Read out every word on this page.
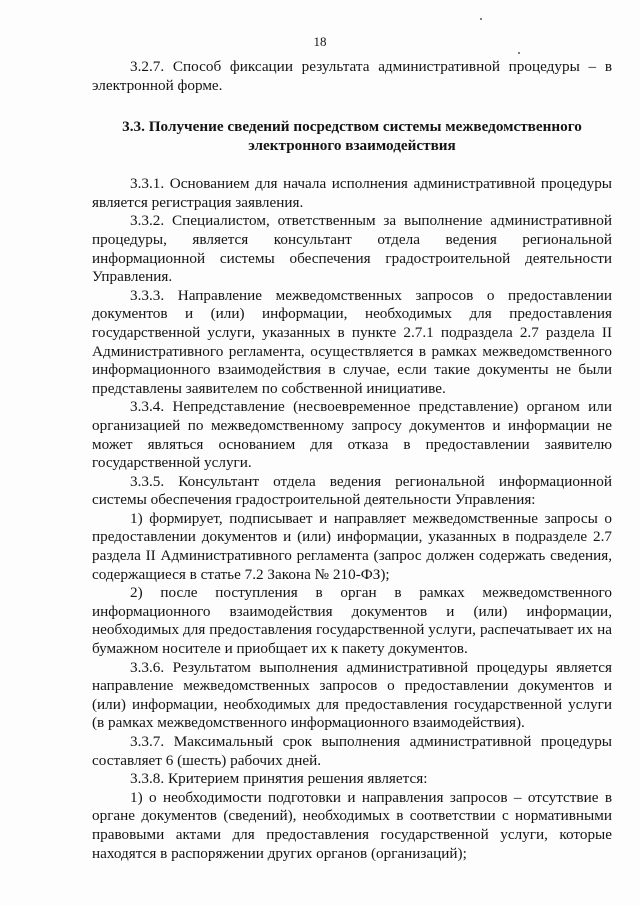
18

3.2.7. Способ фиксации результата административной процедуры – в электронной форме.

3.3. Получение сведений посредством системы межведомственного
электронного взаимодействия

3.3.1. Основанием для начала исполнения административной процедуры является регистрация заявления.

3.3.2. Специалистом, ответственным за выполнение административной процедуры, является консультант отдела ведения региональной информационной системы обеспечения градостроительной деятельности Управления.

3.3.3. Направление межведомственных запросов о предоставлении документов и (или) информации, необходимых для предоставления государственной услуги, указанных в пункте 2.7.1 подраздела 2.7 раздела II Административного регламента, осуществляется в рамках межведомственного информационного взаимодействия в случае, если такие документы не были представлены заявителем по собственной инициативе.

3.3.4. Непредставление (несвоевременное представление) органом или организацией по межведомственному запросу документов и информации не может являться основанием для отказа в предоставлении заявителю государственной услуги.

3.3.5. Консультант отдела ведения региональной информационной системы обеспечения градостроительной деятельности Управления:

1) формирует, подписывает и направляет межведомственные запросы о предоставлении документов и (или) информации, указанных в подразделе 2.7 раздела II Административного регламента (запрос должен содержать сведения, содержащиеся в статье 7.2 Закона № 210-ФЗ);

2) после поступления в орган в рамках межведомственного информационного взаимодействия документов и (или) информации, необходимых для предоставления государственной услуги, распечатывает их на бумажном носителе и приобщает их к пакету документов.

3.3.6. Результатом выполнения административной процедуры является направление межведомственных запросов о предоставлении документов и (или) информации, необходимых для предоставления государственной услуги (в рамках межведомственного информационного взаимодействия).

3.3.7. Максимальный срок выполнения административной процедуры составляет 6 (шесть) рабочих дней.

3.3.8. Критерием принятия решения является:

1) о необходимости подготовки и направления запросов – отсутствие в органе документов (сведений), необходимых в соответствии с нормативными правовыми актами для предоставления государственной услуги, которые находятся в распоряжении других органов (организаций);
